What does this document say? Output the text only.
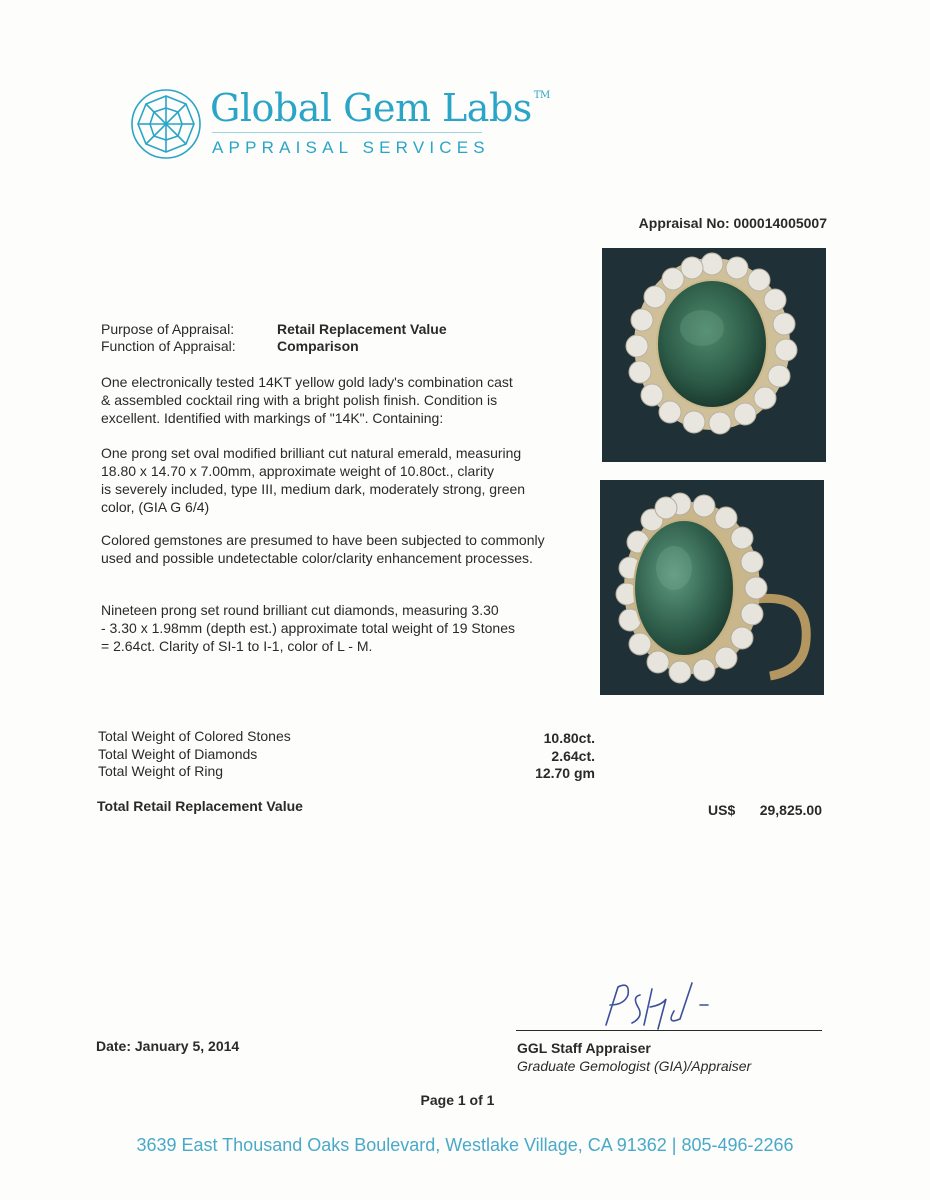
Global Gem Labs ™
APPRAISAL SERVICES
Appraisal No: 000014005007
Purpose of Appraisal:	Retail Replacement Value
Function of Appraisal:	Comparison
One electronically tested 14KT yellow gold lady's combination cast
& assembled cocktail ring with a bright polish finish. Condition is
excellent. Identified with markings of "14K". Containing:
One prong set oval modified brilliant cut natural emerald, measuring
18.80 x 14.70 x 7.00mm, approximate weight of 10.80ct., clarity
is severely included, type III, medium dark, moderately strong, green
color, (GIA G 6/4)
Colored gemstones are presumed to have been subjected to commonly
used and possible undetectable color/clarity enhancement processes.
Nineteen prong set round brilliant cut diamonds, measuring 3.30
- 3.30 x 1.98mm (depth est.) approximate total weight of 19 Stones
= 2.64ct. Clarity of SI-1 to I-1, color of L - M.
Total Weight of Colored Stones	10.80ct.
Total Weight of Diamonds	2.64ct.
Total Weight of Ring	12.70 gm
Total Retail Replacement Value	US$	29,825.00
Date: January 5, 2014	GGL Staff Appraiser
Graduate Gemologist (GIA)/Appraiser
Page 1 of 1
3639 East Thousand Oaks Boulevard, Westlake Village, CA 91362 | 805-496-2266
